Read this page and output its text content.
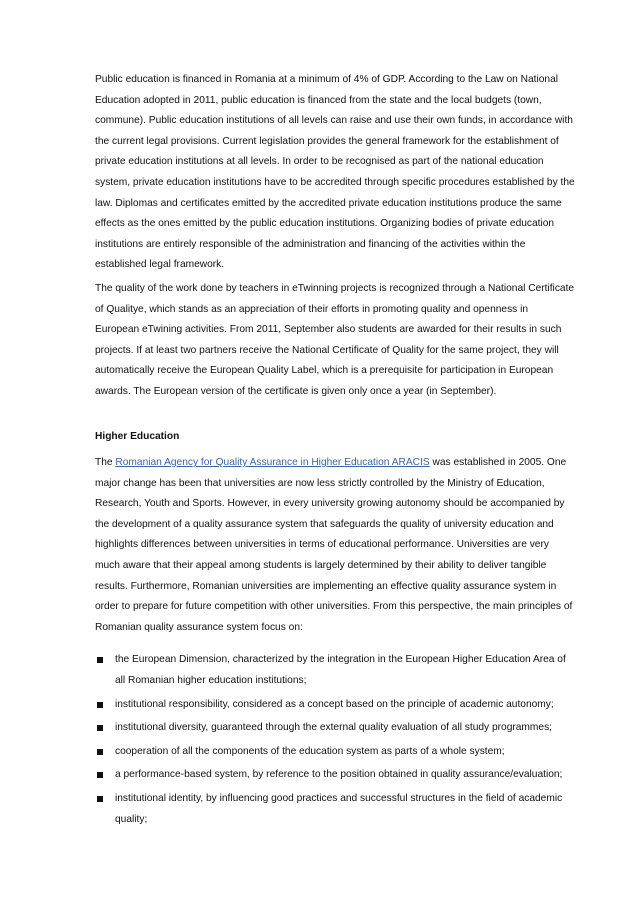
Public education is financed in Romania at a minimum of 4% of GDP. According to the Law on National Education adopted in 2011, public education is financed from the state and the local budgets (town, commune). Public education institutions of all levels can raise and use their own funds, in accordance with the current legal provisions. Current legislation provides the general framework for the establishment of private education institutions at all levels. In order to be recognised as part of the national education system, private education institutions have to be accredited through specific procedures established by the law. Diplomas and certificates emitted by the accredited private education institutions produce the same effects as the ones emitted by the public education institutions. Organizing bodies of private education institutions are entirely responsible of the administration and financing of the activities within the established legal framework.

The quality of the work done by teachers in eTwinning projects is recognized through a National Certificate of Qualitye, which stands as an appreciation of their efforts in promoting quality and openness in European eTwining activities. From 2011, September also students are awarded for their results in such projects. If at least two partners receive the National Certificate of Quality for the same project, they will automatically receive the European Quality Label, which is a prerequisite for participation in European awards. The European version of the certificate is given only once a year (in September).

Higher Education

The Romanian Agency for Quality Assurance in Higher Education ARACIS was established in 2005. One major change has been that universities are now less strictly controlled by the Ministry of Education, Research, Youth and Sports. However, in every university growing autonomy should be accompanied by the development of a quality assurance system that safeguards the quality of university education and highlights differences between universities in terms of educational performance. Universities are very much aware that their appeal among students is largely determined by their ability to deliver tangible results. Furthermore, Romanian universities are implementing an effective quality assurance system in order to prepare for future competition with other universities. From this perspective, the main principles of Romanian quality assurance system focus on:

the European Dimension, characterized by the integration in the European Higher Education Area of all Romanian higher education institutions;
institutional responsibility, considered as a concept based on the principle of academic autonomy;
institutional diversity, guaranteed through the external quality evaluation of all study programmes;
cooperation of all the components of the education system as parts of a whole system;
a performance-based system, by reference to the position obtained in quality assurance/evaluation;
institutional identity, by influencing good practices and successful structures in the field of academic quality;
